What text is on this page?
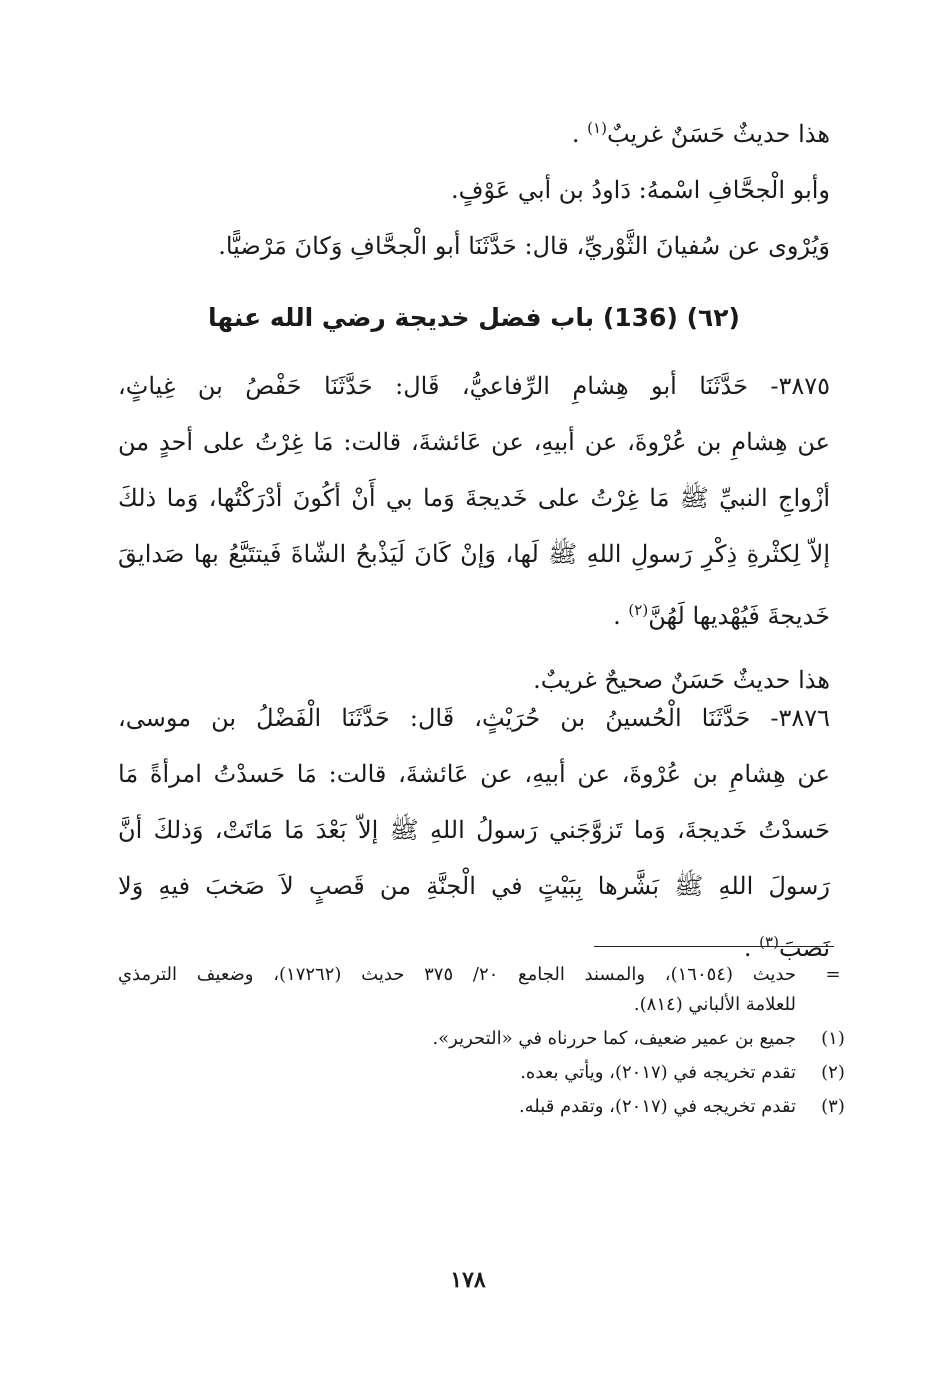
هذا حديثٌ حَسَنٌ غريبٌ$^{(١)}$ .
وأبو الْجحَّافِ اسْمهُ: دَاودُ بن أبي عَوْفٍ.
وَيُرْوى عن سُفيانَ الثَّوْريِّ، قال: حَدَّثَنَا أبو الْجحَّافِ وَكانَ مَرْضيًّا.
(٦٢) (136) باب فضل خديجة رضي الله عنها
٣٨٧٥- حَدَّثَنَا أبو هِشامِ الرِّفاعيُّ، قَال: حَدَّثَنَا حَفْصُ بن غِياثٍ،
عن هِشامِ بن عُرْوةَ، عن أبيهِ، عن عَائشةَ، قالت: مَا غِرْتُ على أحدٍ من
أزْواجِ النبيِّ ﷺ مَا غِرْتُ على خَديجةَ وَما بي أَنْ أكُونَ أدْرَكْتُها، وَما ذلكَ
إلاّ لِكثْرةِ ذِكْرِ رَسولِ اللهِ ﷺ لَها، وَإنْ كَانَ لَيَذْبحُ الشّاةَ فَيتتَبَّعُ بها صَدايقَ
خَديجةَ فَيُهْديها لَهُنَّ$^{(٢)}$ .
هذا حديثٌ حَسَنٌ صحيحٌ غريبٌ.
٣٨٧٦- حَدَّثَنَا الْحُسينُ بن حُرَيْثٍ، قَال: حَدَّثَنَا الْفَضْلُ بن موسى،
عن هِشامِ بن عُرْوةَ، عن أبيهِ، عن عَائشةَ، قالت: مَا حَسدْتُ امرأةً مَا
حَسدْتُ خَديجةَ، وَما تَزوَّجَني رَسولُ اللهِ ﷺ إلاّ بَعْدَ مَا مَاتَتْ، وَذلكَ أنَّ
رَسولَ اللهِ ﷺ بَشَّرها بِبَيْتٍ في الْجنَّةِ من قَصبٍ لاَ صَخبَ فيهِ وَلا
نَصبَ$^{(٣)}$ .
=
حديث (١٦٠٥٤)، والمسند الجامع ٢٠/ ٣٧٥ حديث (١٧٢٦٢)، وضعيف الترمذي
للعلامة الألباني (٨١٤).
(١)
جميع بن عمير ضعيف، كما حررناه في «التحرير».
(٢)
تقدم تخريجه في (٢٠١٧)، ويأتي بعده.
(٣)
تقدم تخريجه في (٢٠١٧)، وتقدم قبله.
١٧٨
